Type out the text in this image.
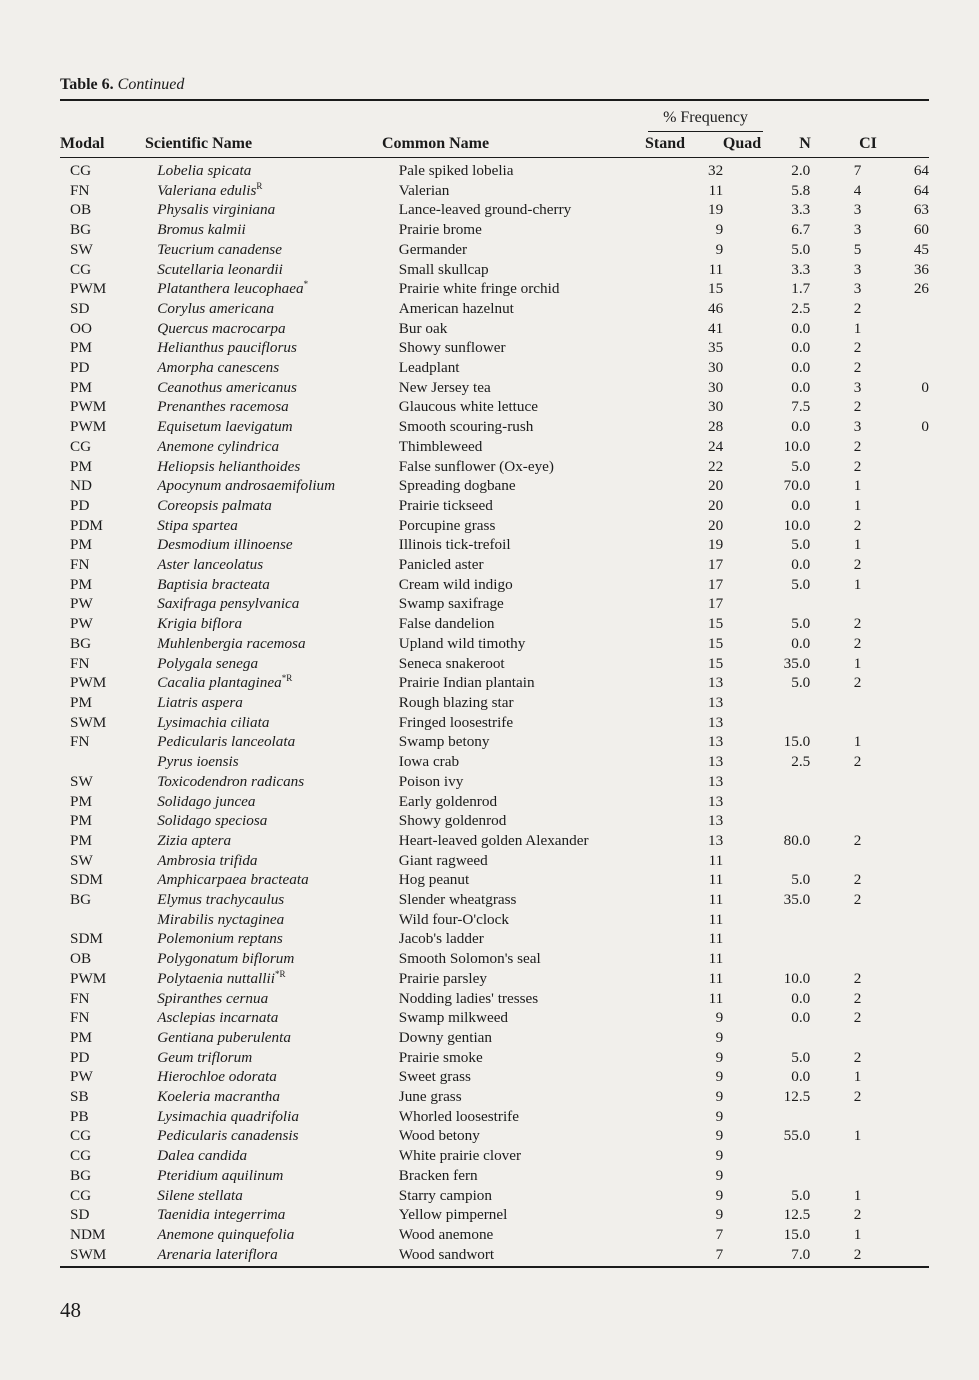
Table 6. Continued
% Frequency
Modal	Scientific Name	Common Name	Stand	Quad	N	CI
CG	Lobelia spicata	Pale spiked lobelia	32	2.0	7	64
FN	Valeriana edulis$^R$	Valerian	11	5.8	4	64
OB	Physalis virginiana	Lance-leaved ground-cherry	19	3.3	3	63
BG	Bromus kalmii	Prairie brome	9	6.7	3	60
SW	Teucrium canadense	Germander	9	5.0	5	45
CG	Scutellaria leonardii	Small skullcap	11	3.3	3	36
PWM	Platanthera leucophaea*	Prairie white fringe orchid	15	1.7	3	26
SD	Corylus americana	American hazelnut	46	2.5	2	
OO	Quercus macrocarpa	Bur oak	41	0.0	1	
PM	Helianthus pauciflorus	Showy sunflower	35	0.0	2	
PD	Amorpha canescens	Leadplant	30	0.0	2	
PM	Ceanothus americanus	New Jersey tea	30	0.0	3	0
PWM	Prenanthes racemosa	Glaucous white lettuce	30	7.5	2	
PWM	Equisetum laevigatum	Smooth scouring-rush	28	0.0	3	0
CG	Anemone cylindrica	Thimbleweed	24	10.0	2	
PM	Heliopsis helianthoides	False sunflower (Ox-eye)	22	5.0	2	
ND	Apocynum androsaemifolium	Spreading dogbane	20	70.0	1	
PD	Coreopsis palmata	Prairie tickseed	20	0.0	1	
PDM	Stipa spartea	Porcupine grass	20	10.0	2	
PM	Desmodium illinoense	Illinois tick-trefoil	19	5.0	1	
FN	Aster lanceolatus	Panicled aster	17	0.0	2	
PM	Baptisia bracteata	Cream wild indigo	17	5.0	1	
PW	Saxifraga pensylvanica	Swamp saxifrage	17			
PW	Krigia biflora	False dandelion	15	5.0	2	
BG	Muhlenbergia racemosa	Upland wild timothy	15	0.0	2	
FN	Polygala senega	Seneca snakeroot	15	35.0	1	
PWM	Cacalia plantaginea$^{*R}$	Prairie Indian plantain	13	5.0	2	
PM	Liatris aspera	Rough blazing star	13			
SWM	Lysimachia ciliata	Fringed loosestrife	13			
FN	Pedicularis lanceolata	Swamp betony	13	15.0	1	
	Pyrus ioensis	Iowa crab	13	2.5	2	
SW	Toxicodendron radicans	Poison ivy	13			
PM	Solidago juncea	Early goldenrod	13			
PM	Solidago speciosa	Showy goldenrod	13			
PM	Zizia aptera	Heart-leaved golden Alexander	13	80.0	2	
SW	Ambrosia trifida	Giant ragweed	11			
SDM	Amphicarpaea bracteata	Hog peanut	11	5.0	2	
BG	Elymus trachycaulus	Slender wheatgrass	11	35.0	2	
	Mirabilis nyctaginea	Wild four-O'clock	11			
SDM	Polemonium reptans	Jacob's ladder	11			
OB	Polygonatum biflorum	Smooth Solomon's seal	11			
PWM	Polytaenia nuttallii$^{*R}$	Prairie parsley	11	10.0	2	
FN	Spiranthes cernua	Nodding ladies' tresses	11	0.0	2	
FN	Asclepias incarnata	Swamp milkweed	9	0.0	2	
PM	Gentiana puberulenta	Downy gentian	9			
PD	Geum triflorum	Prairie smoke	9	5.0	2	
PW	Hierochloe odorata	Sweet grass	9	0.0	1	
SB	Koeleria macrantha	June grass	9	12.5	2	
PB	Lysimachia quadrifolia	Whorled loosestrife	9			
CG	Pedicularis canadensis	Wood betony	9	55.0	1	
CG	Dalea candida	White prairie clover	9			
BG	Pteridium aquilinum	Bracken fern	9			
CG	Silene stellata	Starry campion	9	5.0	1	
SD	Taenidia integerrima	Yellow pimpernel	9	12.5	2	
NDM	Anemone quinquefolia	Wood anemone	7	15.0	1	
SWM	Arenaria lateriflora	Wood sandwort	7	7.0	2	
48
